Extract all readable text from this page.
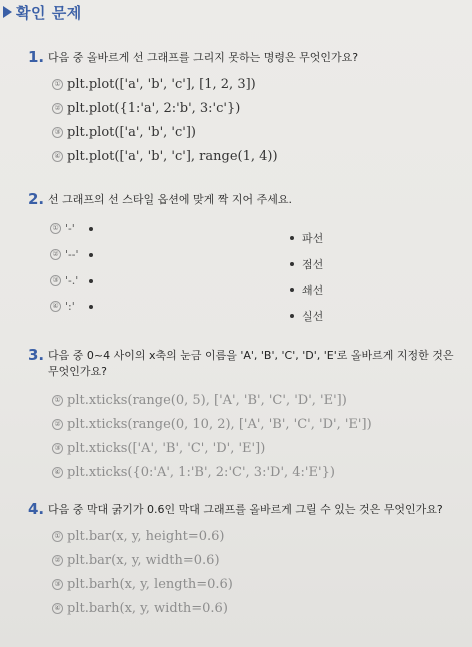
확인 문제
1. 다음 중 올바르게 선 그래프를 그리지 못하는 명령은 무엇인가요?
① plt.plot(['a', 'b', 'c'], [1, 2, 3])
② plt.plot({1:'a', 2:'b', 3:'c'})
③ plt.plot(['a', 'b', 'c'])
④ plt.plot(['a', 'b', 'c'], range(1, 4))
2. 선 그래프의 선 스타일 옵션에 맞게 짝 지어 주세요.
① '-'
② '--'
③ '-.'
④ ':'
파선
점선
쇄선
실선
3. 다음 중 0~4 사이의 x축의 눈금 이름을 'A', 'B', 'C', 'D', 'E'로 올바르게 지정한 것은 무엇인가요?
① plt.xticks(range(0, 5), ['A', 'B', 'C', 'D', 'E'])
② plt.xticks(range(0, 10, 2), ['A', 'B', 'C', 'D', 'E'])
③ plt.xticks(['A', 'B', 'C', 'D', 'E'])
④ plt.xticks({0:'A', 1:'B', 2:'C', 3:'D', 4:'E'})
4. 다음 중 막대 굵기가 0.6인 막대 그래프를 올바르게 그릴 수 있는 것은 무엇인가요?
① plt.bar(x, y, height=0.6)
② plt.bar(x, y, width=0.6)
③ plt.barh(x, y, length=0.6)
④ plt.barh(x, y, width=0.6)
